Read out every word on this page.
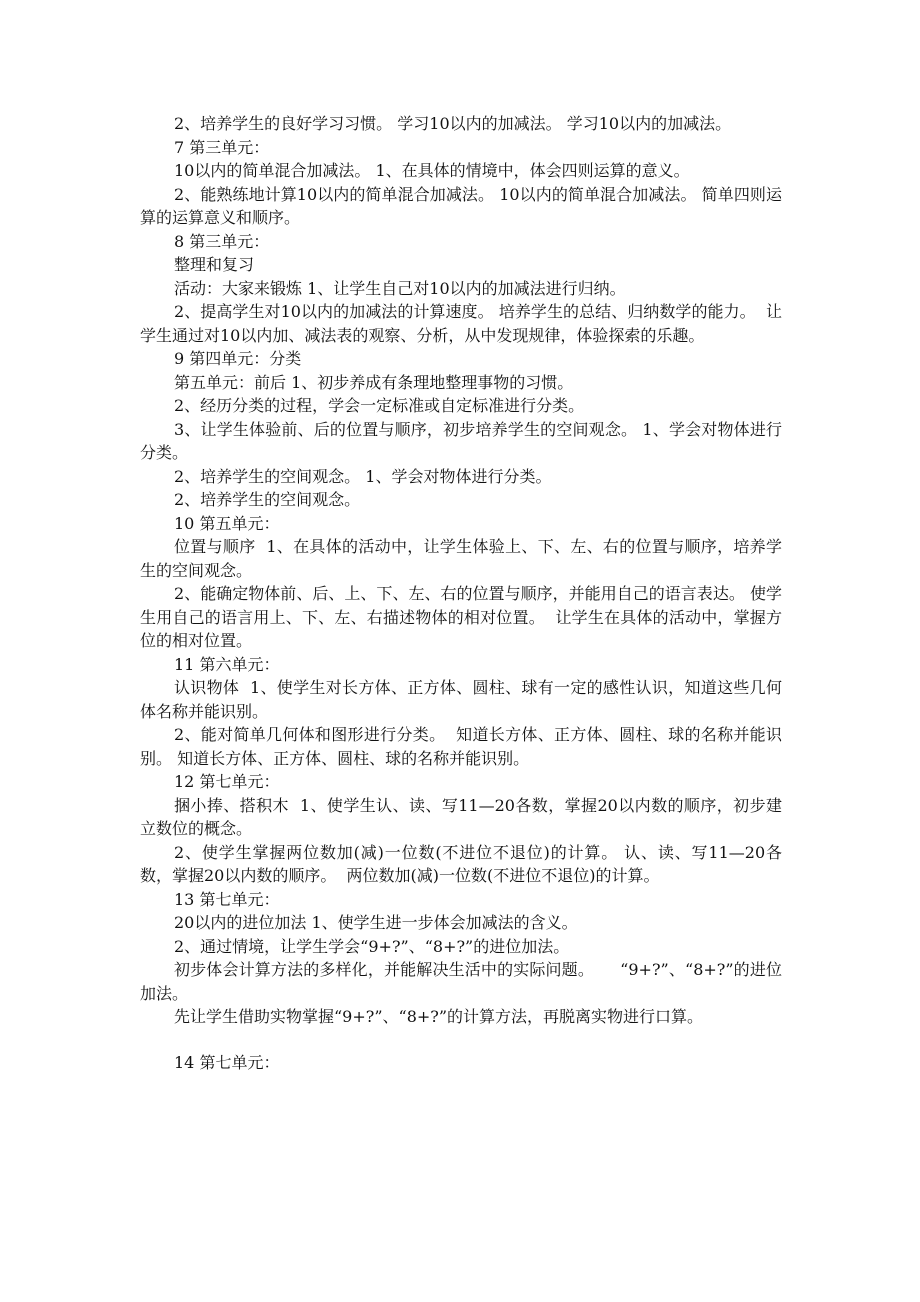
2、培养学生的良好学习习惯。 学习10以内的加减法。 学习10以内的加减法。

7 第三单元：

10以内的简单混合加减法。 1、在具体的情境中，体会四则运算的意义。

2、能熟练地计算10以内的简单混合加减法。 10以内的简单混合加减法。 简单四则运算的运算意义和顺序。

8 第三单元：

整理和复习

活动：大家来锻炼 1、让学生自己对10以内的加减法进行归纳。

2、提高学生对10以内的加减法的计算速度。 培养学生的总结、归纳数学的能力。  让学生通过对10以内加、减法表的观察、分析，从中发现规律，体验探索的乐趣。

9 第四单元：分类

第五单元：前后 1、初步养成有条理地整理事物的习惯。

2、经历分类的过程，学会一定标准或自定标准进行分类。

3、让学生体验前、后的位置与顺序，初步培养学生的空间观念。 1、学会对物体进行分类。

2、培养学生的空间观念。 1、学会对物体进行分类。

2、培养学生的空间观念。

10 第五单元：

位置与顺序  1、在具体的活动中，让学生体验上、下、左、右的位置与顺序，培养学生的空间观念。

2、能确定物体前、后、上、下、左、右的位置与顺序，并能用自己的语言表达。 使学生用自己的语言用上、下、左、右描述物体的相对位置。  让学生在具体的活动中，掌握方位的相对位置。

11 第六单元：

认识物体  1、使学生对长方体、正方体、圆柱、球有一定的感性认识，知道这些几何体名称并能识别。

2、能对简单几何体和图形进行分类。  知道长方体、正方体、圆柱、球的名称并能识别。 知道长方体、正方体、圆柱、球的名称并能识别。

12 第七单元：

捆小捧、搭积木  1、使学生认、读、写11—20各数，掌握20以内数的顺序，初步建立数位的概念。

2、使学生掌握两位数加(减)一位数(不进位不退位)的计算。 认、读、写11—20各数，掌握20以内数的顺序。  两位数加(减)一位数(不进位不退位)的计算。

13 第七单元：

20以内的进位加法 1、使学生进一步体会加减法的含义。

2、通过情境，让学生学会“9+?”、“8+?”的进位加法。

初步体会计算方法的多样化，并能解决生活中的实际问题。     “9+?”、“8+?”的进位加法。

先让学生借助实物掌握“9+?”、“8+?”的计算方法，再脱离实物进行口算。

14 第七单元：
